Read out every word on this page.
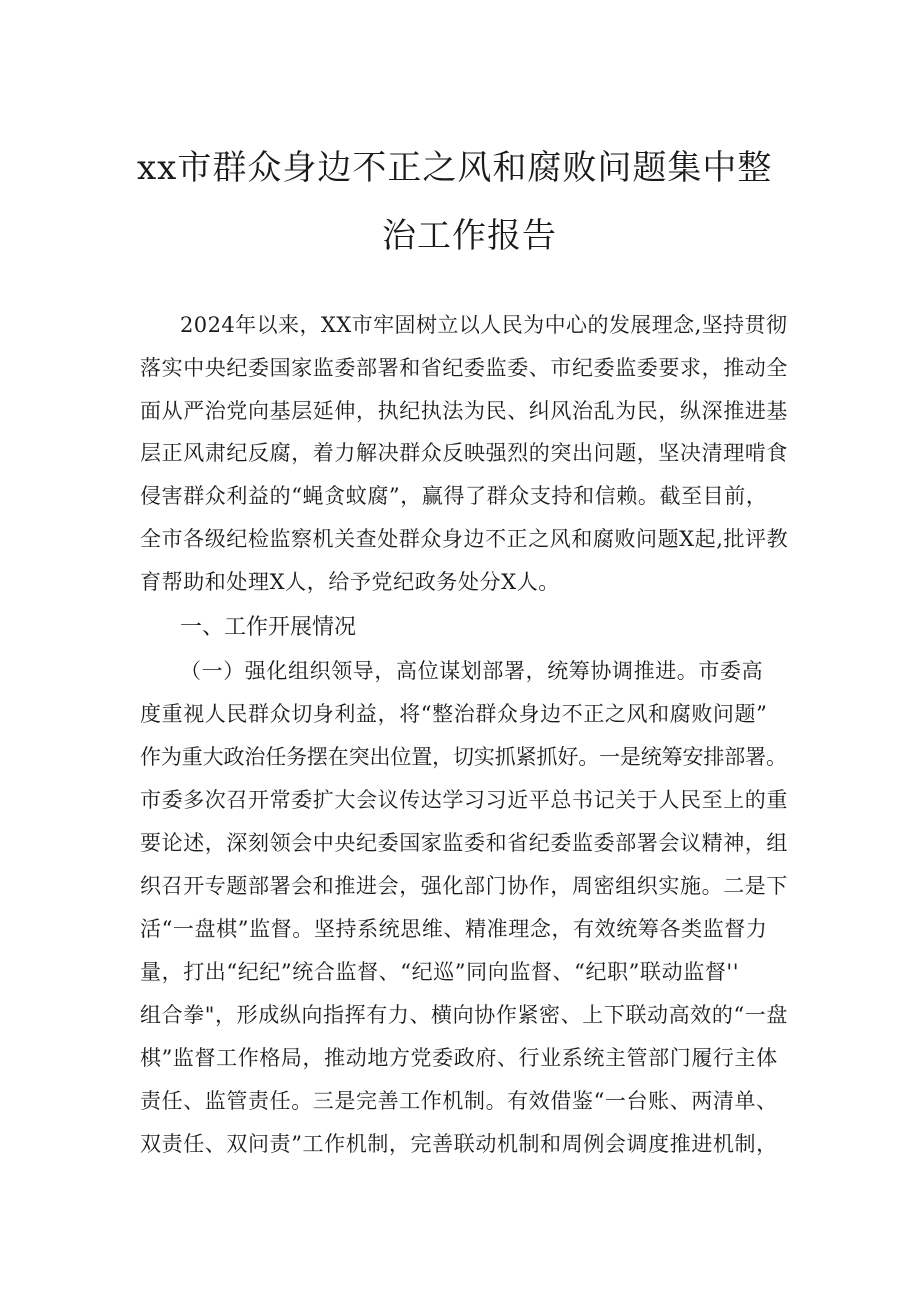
xx市群众身边不正之风和腐败问题集中整
治工作报告
2024年以来，XX市牢固树立以人民为中心的发展理念,坚持贯彻
落实中央纪委国家监委部署和省纪委监委、市纪委监委要求，推动全
面从严治党向基层延伸，执纪执法为民、纠风治乱为民，纵深推进基
层正风肃纪反腐，着力解决群众反映强烈的突出问题，坚决清理啃食
侵害群众利益的“蝇贪蚊腐”，赢得了群众支持和信赖。截至目前，
全市各级纪检监察机关查处群众身边不正之风和腐败问题X起,批评教
育帮助和处理X人，给予党纪政务处分X人。
一、工作开展情况
（一）强化组织领导，高位谋划部署，统筹协调推进。市委高
度重视人民群众切身利益，将“整治群众身边不正之风和腐败问题”
作为重大政治任务摆在突出位置，切实抓紧抓好。一是统筹安排部署。
市委多次召开常委扩大会议传达学习习近平总书记关于人民至上的重
要论述，深刻领会中央纪委国家监委和省纪委监委部署会议精神，组
织召开专题部署会和推进会，强化部门协作，周密组织实施。二是下
活“一盘棋”监督。坚持系统思维、精准理念，有效统筹各类监督力
量，打出“纪纪”统合监督、“纪巡”同向监督、“纪职”联动监督''
组合拳"，形成纵向指挥有力、横向协作紧密、上下联动高效的“一盘
棋”监督工作格局，推动地方党委政府、行业系统主管部门履行主体
责任、监管责任。三是完善工作机制。有效借鉴“一台账、两清单、
双责任、双问责”工作机制，完善联动机制和周例会调度推进机制，
